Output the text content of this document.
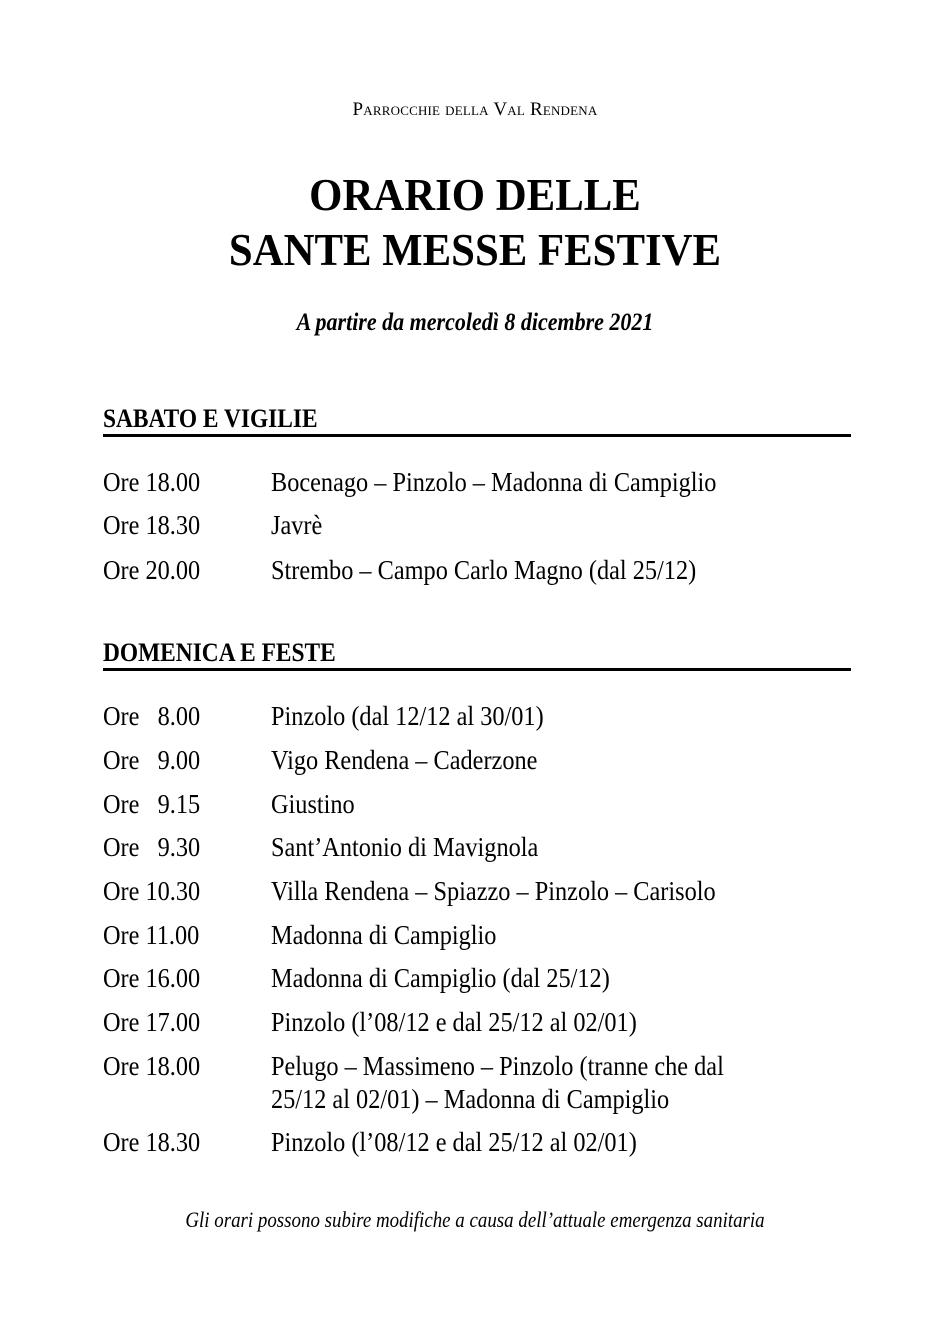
Parrocchie della Val Rendena
ORARIO DELLE
SANTE MESSE FESTIVE
A partire da mercoledì 8 dicembre 2021
SABATO E VIGILIE
Ore 18.00	Bocenago – Pinzolo – Madonna di Campiglio
Ore 18.30	Javrè
Ore 20.00	Strembo – Campo Carlo Magno (dal 25/12)
DOMENICA E FESTE
Ore   8.00	Pinzolo (dal 12/12 al 30/01)
Ore   9.00	Vigo Rendena – Caderzone
Ore   9.15	Giustino
Ore   9.30	Sant’Antonio di Mavignola
Ore 10.30	Villa Rendena – Spiazzo – Pinzolo – Carisolo
Ore 11.00	Madonna di Campiglio
Ore 16.00	Madonna di Campiglio (dal 25/12)
Ore 17.00	Pinzolo (l’08/12 e dal 25/12 al 02/01)
Ore 18.00	Pelugo – Massimeno – Pinzolo (tranne che dal
25/12 al 02/01) – Madonna di Campiglio
Ore 18.30	Pinzolo (l’08/12 e dal 25/12 al 02/01)
Gli orari possono subire modifiche a causa dell’attuale emergenza sanitaria
